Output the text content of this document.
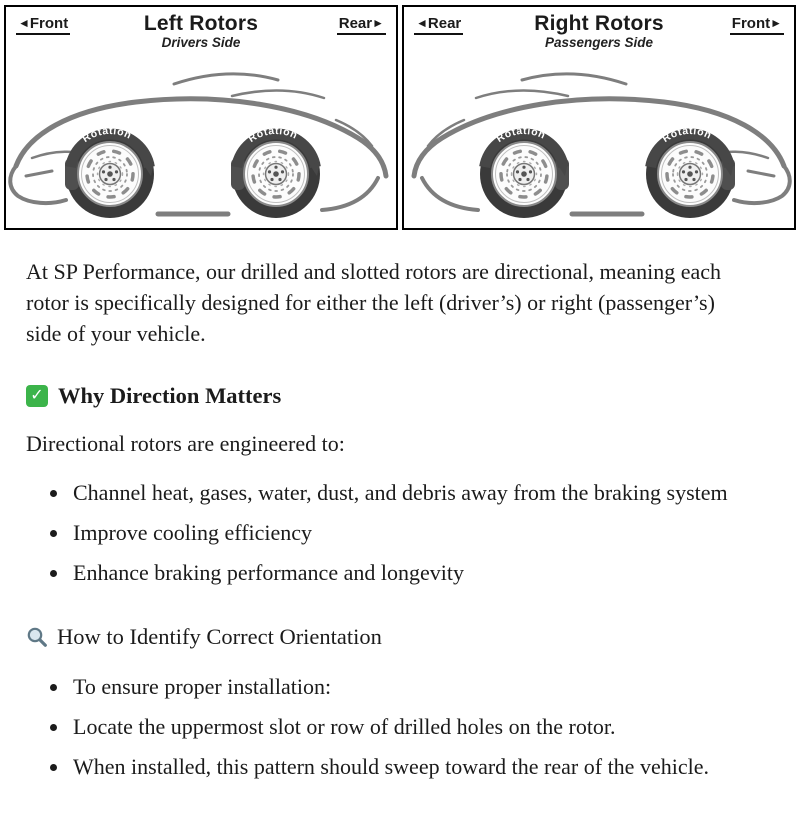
◄Front	Left Rotors
Drivers Side
Rear►
Rotation	Rotation
◄Rear	Right Rotors
Passengers Side
Front►
Rotation	Rotation

At SP Performance, our drilled and slotted rotors are directional, meaning each rotor is specifically designed for either the left (driver’s) or right (passenger’s) side of your vehicle.

✓ Why Direction Matters

Directional rotors are engineered to:

• Channel heat, gases, water, dust, and debris away from the braking system
• Improve cooling efficiency
• Enhance braking performance and longevity
How to Identify Correct Orientation
• To ensure proper installation:
• Locate the uppermost slot or row of drilled holes on the rotor.
• When installed, this pattern should sweep toward the rear of the vehicle.
